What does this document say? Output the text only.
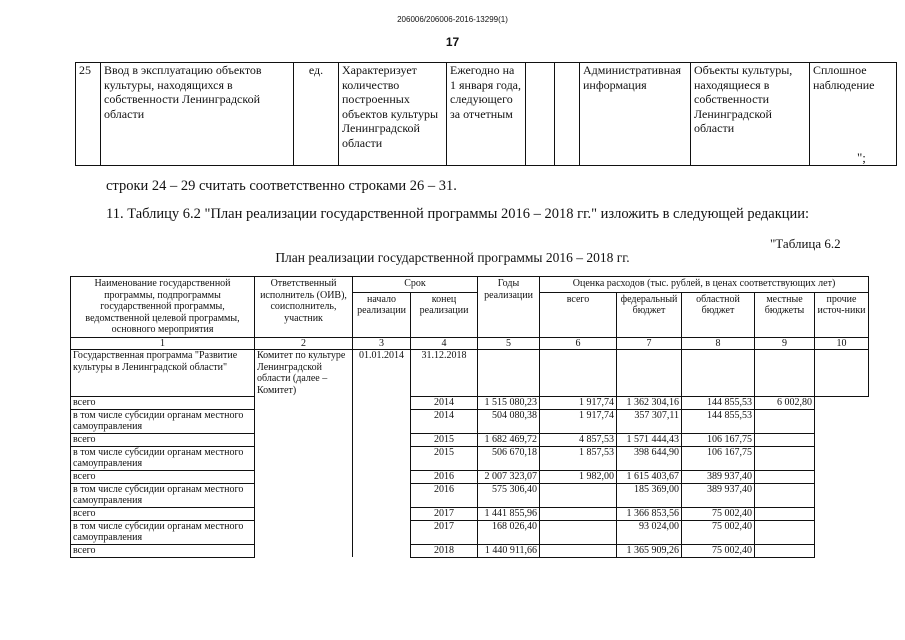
206006/206006-2016-13299(1)
17
25	Ввод в эксплуатацию объектов культуры, находящихся в собственности Ленинградской области	ед.	Характеризует количество построенных объектов культуры Ленинградской области	Ежегодно на 1 января года, следующего за отчетным			Административная информация	Объекты культуры, находящиеся в собственности Ленинградской области	Сплошное наблюдение
";
строки 24 – 29 считать соответственно строками 26 – 31.
11. Таблицу 6.2 "План реализации государственной программы 2016 – 2018 гг." изложить в следующей редакции:
"Таблица 6.2
План реализации государственной программы 2016 – 2018 гг.
Наименование государственной программы, подпрограммы государственной программы, ведомственной целевой программы, основного мероприятия	Ответственный исполнитель (ОИВ), соисполнитель, участник	Срок		Годы реализации	Оценка расходов (тыс. рублей, в ценах соответствующих лет)				
		начало реализации	конец реализации		всего	федеральный бюджет	областной бюджет	местные бюджеты	прочие источ-ники
1	2	3	4	5	6	7	8	9	10
Государственная программа "Развитие культуры в Ленинградской области"	Комитет по культуре Ленинградской области (далее – Комитет)	01.01.2014	31.12.2018						
всего			2014	1 515 080,23	1 917,74	1 362 304,16	144 855,53	6 002,80	
в том числе субсидии органам местного самоуправления			2014	504 080,38	1 917,74	357 307,11	144 855,53		
всего			2015	1 682 469,72	4 857,53	1 571 444,43	106 167,75		
в том числе субсидии органам местного самоуправления			2015	506 670,18	1 857,53	398 644,90	106 167,75		
всего			2016	2 007 323,07	1 982,00	1 615 403,67	389 937,40		
в том числе субсидии органам местного самоуправления			2016	575 306,40		185 369,00	389 937,40		
всего			2017	1 441 855,96		1 366 853,56	75 002,40		
в том числе субсидии органам местного самоуправления			2017	168 026,40		93 024,00	75 002,40		
всего			2018	1 440 911,66		1 365 909,26	75 002,40		
